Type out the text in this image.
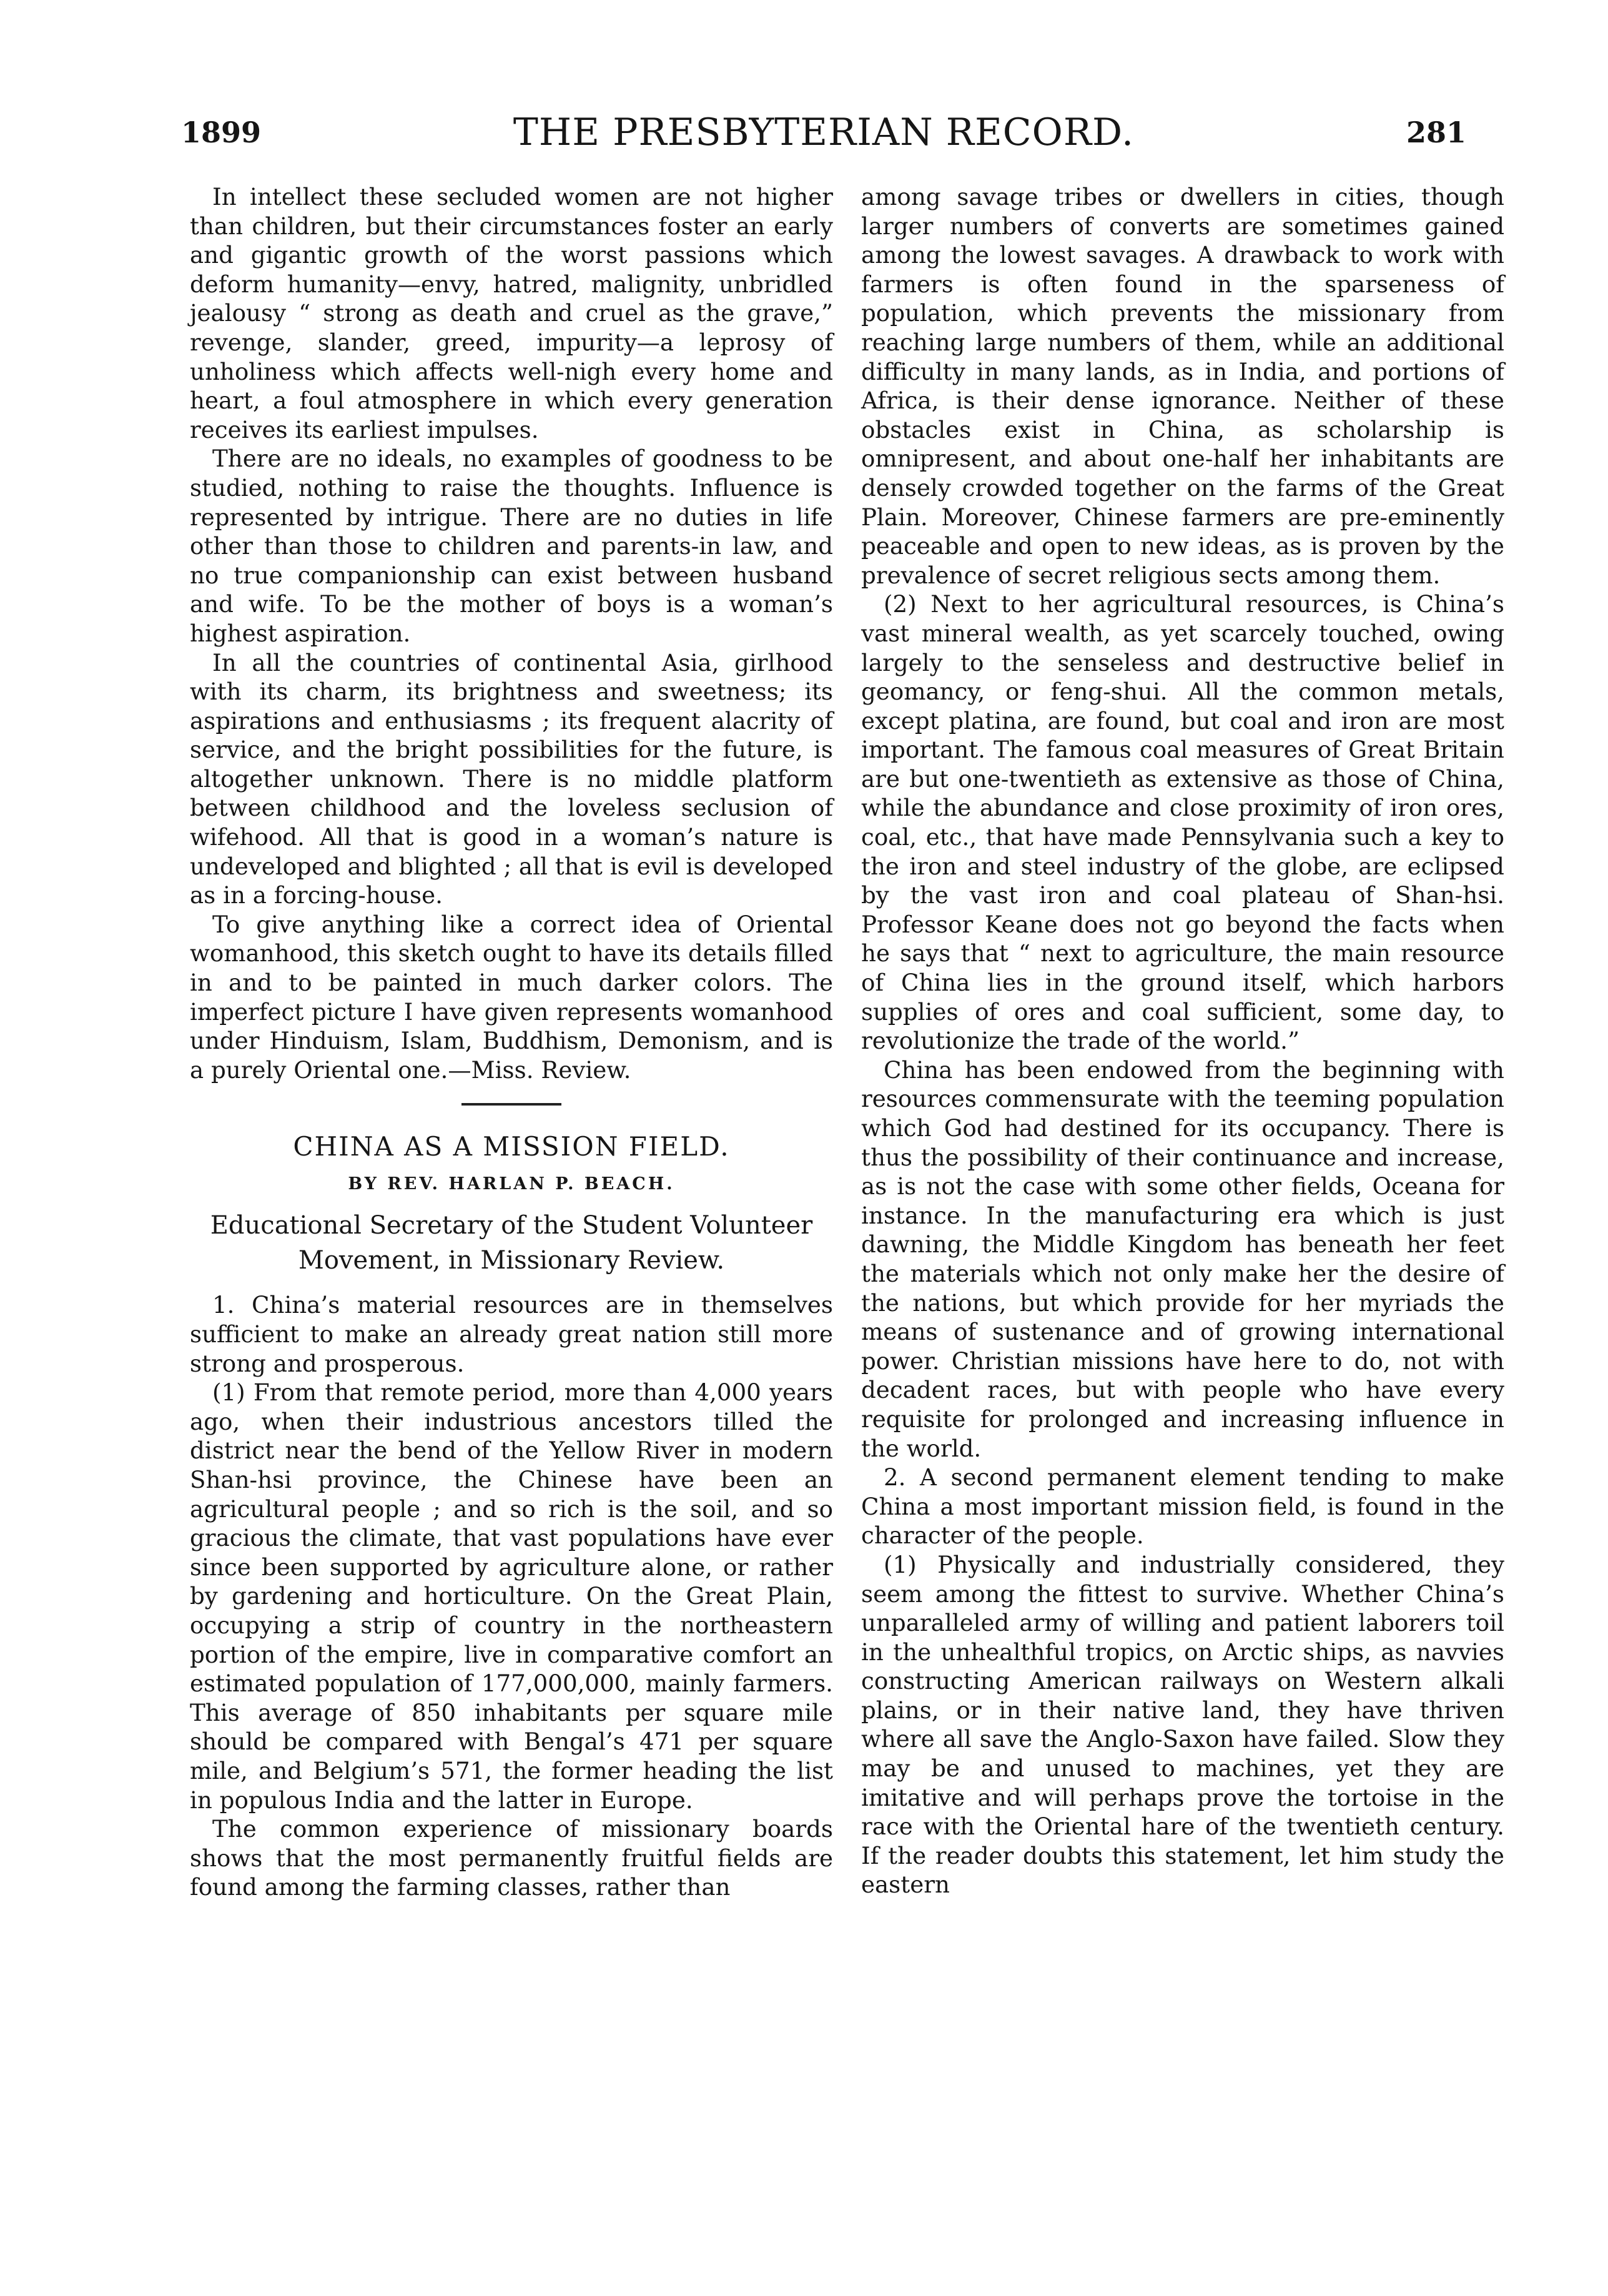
1899	THE PRESBYTERIAN RECORD.	281

In intellect these secluded women are not higher than children, but their circumstances foster an early and gigantic growth of the worst passions which deform humanity—envy, hatred, malignity, unbridled jealousy “ strong as death and cruel as the grave,” revenge, slander, greed, impurity—a leprosy of unholiness which affects well-nigh every home and heart, a foul atmosphere in which every generation receives its earliest impulses.

There are no ideals, no examples of goodness to be studied, nothing to raise the thoughts. Influence is represented by intrigue. There are no duties in life other than those to children and parents-in law, and no true companionship can exist between husband and wife. To be the mother of boys is a woman’s highest aspiration.

In all the countries of continental Asia, girlhood with its charm, its brightness and sweetness; its aspirations and enthusiasms ; its frequent alacrity of service, and the bright possibilities for the future, is altogether unknown. There is no middle platform between childhood and the loveless seclusion of wifehood. All that is good in a woman’s nature is undeveloped and blighted ; all that is evil is developed as in a forcing-house.

To give anything like a correct idea of Oriental womanhood, this sketch ought to have its details filled in and to be painted in much darker colors. The imperfect picture I have given represents womanhood under Hinduism, Islam, Buddhism, Demonism, and is a purely Oriental one.—Miss. Review.

CHINA AS A MISSION FIELD.

BY REV. HARLAN P. BEACH.

Educational Secretary of the Student Volunteer Movement, in Missionary Review.

1. China’s material resources are in themselves sufficient to make an already great nation still more strong and prosperous.

(1) From that remote period, more than 4,000 years ago, when their industrious ancestors tilled the district near the bend of the Yellow River in modern Shan-hsi province, the Chinese have been an agricultural people ; and so rich is the soil, and so gracious the climate, that vast populations have ever since been supported by agriculture alone, or rather by gardening and horticulture. On the Great Plain, occupying a strip of country in the northeastern portion of the empire, live in comparative comfort an estimated population of 177,000,000, mainly farmers. This average of 850 inhabitants per square mile should be compared with Bengal’s 471 per square mile, and Belgium’s 571, the former heading the list in populous India and the latter in Europe.

The common experience of missionary boards shows that the most permanently fruitful fields are found among the farming classes, rather than

among savage tribes or dwellers in cities, though larger numbers of converts are sometimes gained among the lowest savages. A drawback to work with farmers is often found in the sparseness of population, which prevents the missionary from reaching large numbers of them, while an additional difficulty in many lands, as in India, and portions of Africa, is their dense ignorance. Neither of these obstacles exist in China, as scholarship is omnipresent, and about one-half her inhabitants are densely crowded together on the farms of the Great Plain. Moreover, Chinese farmers are pre-eminently peaceable and open to new ideas, as is proven by the prevalence of secret religious sects among them.

(2) Next to her agricultural resources, is China’s vast mineral wealth, as yet scarcely touched, owing largely to the senseless and destructive belief in geomancy, or feng-shui. All the common metals, except platina, are found, but coal and iron are most important. The famous coal measures of Great Britain are but one-twentieth as extensive as those of China, while the abundance and close proximity of iron ores, coal, etc., that have made Pennsylvania such a key to the iron and steel industry of the globe, are eclipsed by the vast iron and coal plateau of Shan-hsi. Professor Keane does not go beyond the facts when he says that “ next to agriculture, the main resource of China lies in the ground itself, which harbors supplies of ores and coal sufficient, some day, to revolutionize the trade of the world.”

China has been endowed from the beginning with resources commensurate with the teeming population which God had destined for its occupancy. There is thus the possibility of their continuance and increase, as is not the case with some other fields, Oceana for instance. In the manufacturing era which is just dawning, the Middle Kingdom has beneath her feet the materials which not only make her the desire of the nations, but which provide for her myriads the means of sustenance and of growing international power. Christian missions have here to do, not with decadent races, but with people who have every requisite for prolonged and increasing influence in the world.

2. A second permanent element tending to make China a most important mission field, is found in the character of the people.

(1) Physically and industrially considered, they seem among the fittest to survive. Whether China’s unparalleled army of willing and patient laborers toil in the unhealthful tropics, on Arctic ships, as navvies constructing American railways on Western alkali plains, or in their native land, they have thriven where all save the Anglo-Saxon have failed. Slow they may be and unused to machines, yet they are imitative and will perhaps prove the tortoise in the race with the Oriental hare of the twentieth century. If the reader doubts this statement, let him study the eastern
